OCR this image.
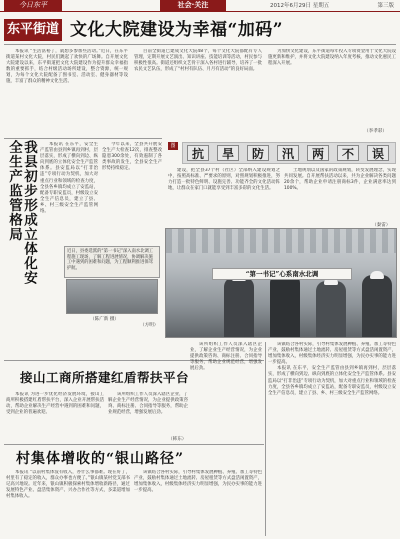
今日东平	社会·关注	2012年6月29日 星期五	第三版
东平街道 文化大院建设为幸福“加码”

本报讯 “生活富裕了，就想多参加些活动。”近日，在东平街道某村文化大院，村民们跳起了欢快的广场舞。自开展文化大院建设以来，东平街道把文化大院建设作为提升群众幸福指数的重要抓手，结合村级活动场所建设，整合资源，统一规划，为每个文化大院配备了图书室、活动室、健身器材等设施，丰富了群众的精神文化生活。

目前全街道已建成文化大院48个，每个文化大院都配有专人管理，定期开展文艺演出、知识讲座、技能培训等活动，村民参与积极性很高。街道还组织文艺骨干深入各村进行辅导，培养了一批农民文艺队伍，形成了“村村有队伍、月月有活动”的良好局面。

为加快文化建设，东平街道每年投入专项资金用于文化大院设施更新和维护，并将文化大院建设纳入年度考核，推动文化惠民工程深入开展。

（李孝彩）
我县初步形成立体化安全生产监管格局	本报讯 在东平，安全生产监管由县到乡镇再到村，层层落实，形成了横向到边、纵向到底的立体化安全生产监管体系。县安监局以“打非治违”专项行动为契机，加大对重点行业和领域的检查力度，全县各乡镇均成立了安监站，配备专职安监员，村级设立安全生产信息员，建立了县、乡、村三级安全生产监管网络。

今年以来，全县共开展安全生产大检查12次，排查整改隐患300余处，有效遏制了各类事故的发生，全县安全生产形势持续稳定。

（方明）
图
抗 旱 防 汛 两 不 误

建设，把全县37个村（社区）全部纳入建设规划之中，按照高标准、严要求的原则，对照规划积极推进，努力打造一批特色鲜明、设施完善、功能齐全的文化活动阵地，让群众在家门口就能享受到丰富多彩的文化生活。

土地规划以及国家的政策规划，转变发展理念，实现共同发展。自开展帮扶活动以来，共为企业解决各类问题20余个，帮助企业申请注册商标3件，企业满意率达到100%。

（秦雷）
“第一书记”心系南水北调
近日，县委选派的“第一书记”深入南水北调工程施工现场，了解工程进展情况，协调解决施工中遇到的困难和问题，为工程顺利推进保驾护航。
（陈广新 摄）
接山工商所搭建红盾帮扶平台

本报讯 为进一步优化经济发展环境，接山工商所积极搭建红盾帮扶平台，深入企业开展帮扶活动，帮助企业解决生产经营中遇到的困难和问题，受到企业的普遍欢迎。

该所组织工作人员深入辖区企业，了解企业生产经营情况，为企业提供政策咨询、商标注册、合同指导等服务，帮助企业规范经营，增强发展后劲。

（韩东）
村集体增收的“银山路径”

本报讯 “以前村集体没有收入，办什么事都难。现在好了，村里有了稳定的收入，群众办事也方便了。”银山镇某村党支部书记高兴地说。近年来，银山镇积极探索村集体增收新路径，通过发展特色产业、盘活集体资产、兴办合作社等方式，多渠道增加村集体收入。

该镇结合各村实际，引导村集体发展种植、养殖、加工等特色产业，鼓励村集体通过土地流转、房屋租赁等方式盘活闲置资产，增加集体收入，村级集体经济实力明显增强，为民办实事的能力进一步提高。

该所组织工作人员深入辖区企业，了解企业生产经营情况，为企业提供政策咨询、商标注册、合同指导等服务，帮助企业规范经营，增强发展后劲。

该镇结合各村实际，引导村集体发展种植、养殖、加工等特色产业，鼓励村集体通过土地流转、房屋租赁等方式盘活闲置资产，增加集体收入，村级集体经济实力明显增强，为民办实事的能力进一步提高。

本报讯 在东平，安全生产监管由县到乡镇再到村，层层落实，形成了横向到边、纵向到底的立体化安全生产监管体系。县安监局以“打非治违”专项行动为契机，加大对重点行业和领域的检查力度，全县各乡镇均成立了安监站，配备专职安监员，村级设立安全生产信息员，建立了县、乡、村三级安全生产监管网络。
